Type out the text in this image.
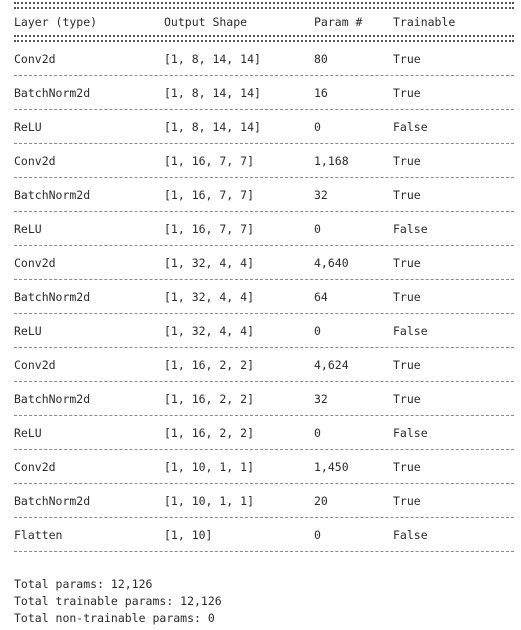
Layer (type)	Output Shape	Param #	Trainable
Conv2d	[1, 8, 14, 14]	80	True
BatchNorm2d	[1, 8, 14, 14]	16	True
ReLU	[1, 8, 14, 14]	0	False
Conv2d	[1, 16, 7, 7]	1,168	True
BatchNorm2d	[1, 16, 7, 7]	32	True
ReLU	[1, 16, 7, 7]	0	False
Conv2d	[1, 32, 4, 4]	4,640	True
BatchNorm2d	[1, 32, 4, 4]	64	True
ReLU	[1, 32, 4, 4]	0	False
Conv2d	[1, 16, 2, 2]	4,624	True
BatchNorm2d	[1, 16, 2, 2]	32	True
ReLU	[1, 16, 2, 2]	0	False
Conv2d	[1, 10, 1, 1]	1,450	True
BatchNorm2d	[1, 10, 1, 1]	20	True
Flatten	[1, 10]	0	False
Total params: 12,126
Total trainable params: 12,126
Total non-trainable params: 0
